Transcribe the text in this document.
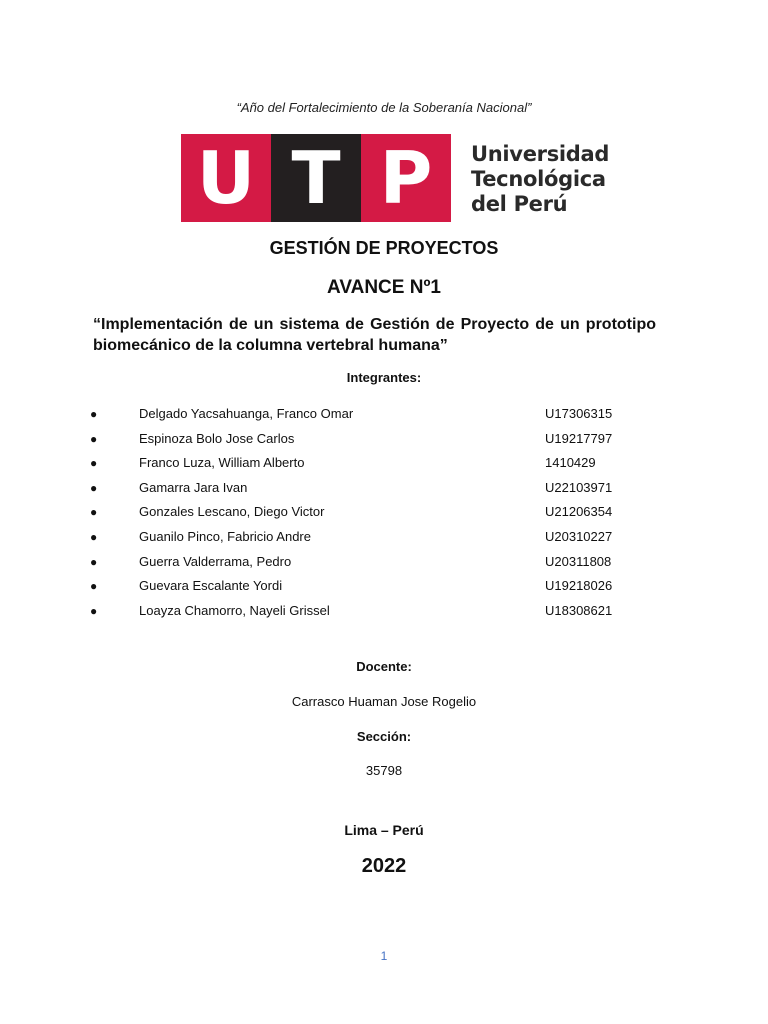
“Año del Fortalecimiento de la Soberanía Nacional”
U T P	Universidad
Tecnológica
del Perú
GESTIÓN DE PROYECTOS
AVANCE Nº1
“Implementación de un sistema de Gestión de Proyecto de un prototipo biomecánico de la columna vertebral humana”
Integrantes:
●	Delgado Yacsahuanga, Franco Omar	U17306315
●	Espinoza Bolo Jose Carlos	U19217797
●	Franco Luza, William Alberto	1410429
●	Gamarra Jara Ivan	U22103971
●	Gonzales Lescano, Diego Victor	U21206354
●	Guanilo Pinco, Fabricio Andre	U20310227
●	Guerra Valderrama, Pedro	U20311808
●	Guevara Escalante Yordi	U19218026
●	Loayza Chamorro, Nayeli Grissel	U18308621
Docente:
Carrasco Huaman Jose Rogelio
Sección:
35798
Lima – Perú
2022
1
